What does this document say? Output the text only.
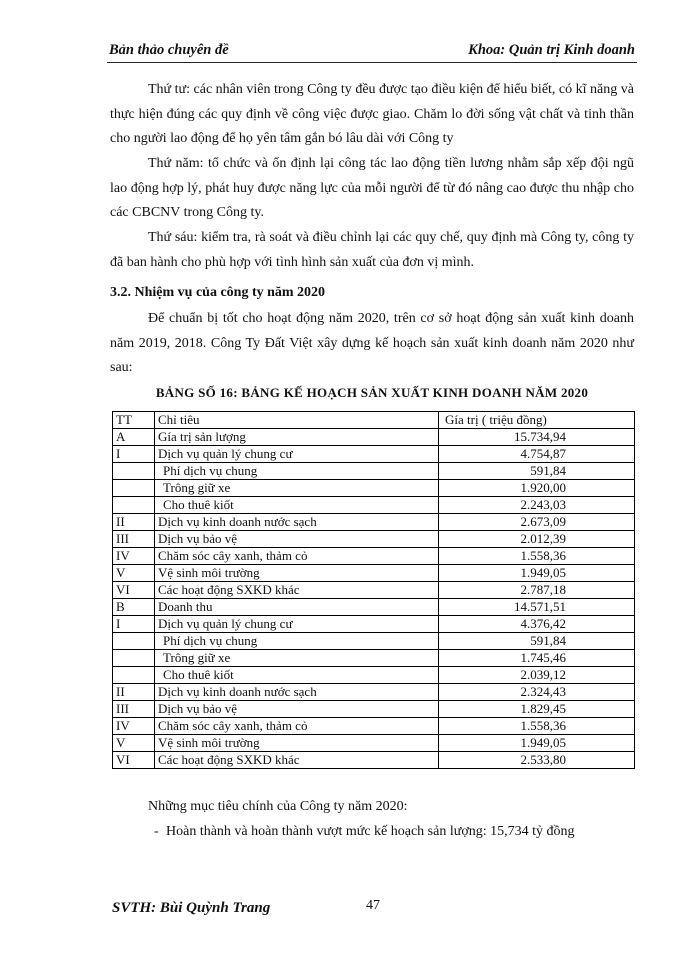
Bản thảo chuyên đề	Khoa: Quản trị Kinh doanh

Thứ tư: các nhân viên trong Công ty đều được tạo điều kiện để hiểu biết, có kĩ năng và thực hiện đúng các quy định về công việc được giao. Chăm lo đời sống vật chất và tinh thần cho người lao động để họ yên tâm gắn bó lâu dài với Công ty

Thứ năm: tổ chức và ổn định lại công tác lao động tiền lương nhằm sắp xếp đội ngũ lao động hợp lý, phát huy được năng lực của mỗi người để từ đó nâng cao được thu nhập cho các CBCNV trong Công ty.

Thứ sáu: kiểm tra, rà soát và điều chỉnh lại các quy chế, quy định mà Công ty, công ty đã ban hành cho phù hợp với tình hình sản xuất của đơn vị mình.

3.2. Nhiệm vụ của công ty năm 2020

Để chuẩn bị tốt cho hoạt động năm 2020, trên cơ sở hoạt động sản xuất kinh doanh năm 2019, 2018. Công Ty Đất Việt xây dựng kế hoạch sản xuất kinh doanh năm 2020 như sau:

BẢNG SỐ 16: BẢNG KẾ HOẠCH SẢN XUẤT KINH DOANH NĂM 2020
TT	Chỉ tiêu	Gía trị ( triệu đồng)
A	Gía trị sản lượng	15.734,94
I	Dịch vụ quản lý chung cư	4.754,87
	Phí dịch vụ chung	591,84
	Trông giữ xe	1.920,00
	Cho thuê kiốt	2.243,03
II	Dịch vụ kinh doanh nước sạch	2.673,09
III	Dịch vụ bảo vệ	2.012,39
IV	Chăm sóc cây xanh, thảm cỏ	1.558,36
V	Vệ sinh môi trường	1.949,05
VI	Các hoạt động SXKD khác	2.787,18
B	Doanh thu	14.571,51
I	Dịch vụ quản lý chung cư	4.376,42
	Phí dịch vụ chung	591,84
	Trông giữ xe	1.745,46
	Cho thuê kiốt	2.039,12
II	Dịch vụ kinh doanh nước sạch	2.324,43
III	Dịch vụ bảo vệ	1.829,45
IV	Chăm sóc cây xanh, thảm cỏ	1.558,36
V	Vệ sinh môi trường	1.949,05
VI	Các hoạt động SXKD khác	2.533,80

Những mục tiêu chính của Công ty năm 2020:

- Hoàn thành và hoàn thành vượt mức kế hoạch sản lượng: 15,734 tỷ đồng
SVTH: Bùi Quỳnh Trang	47
